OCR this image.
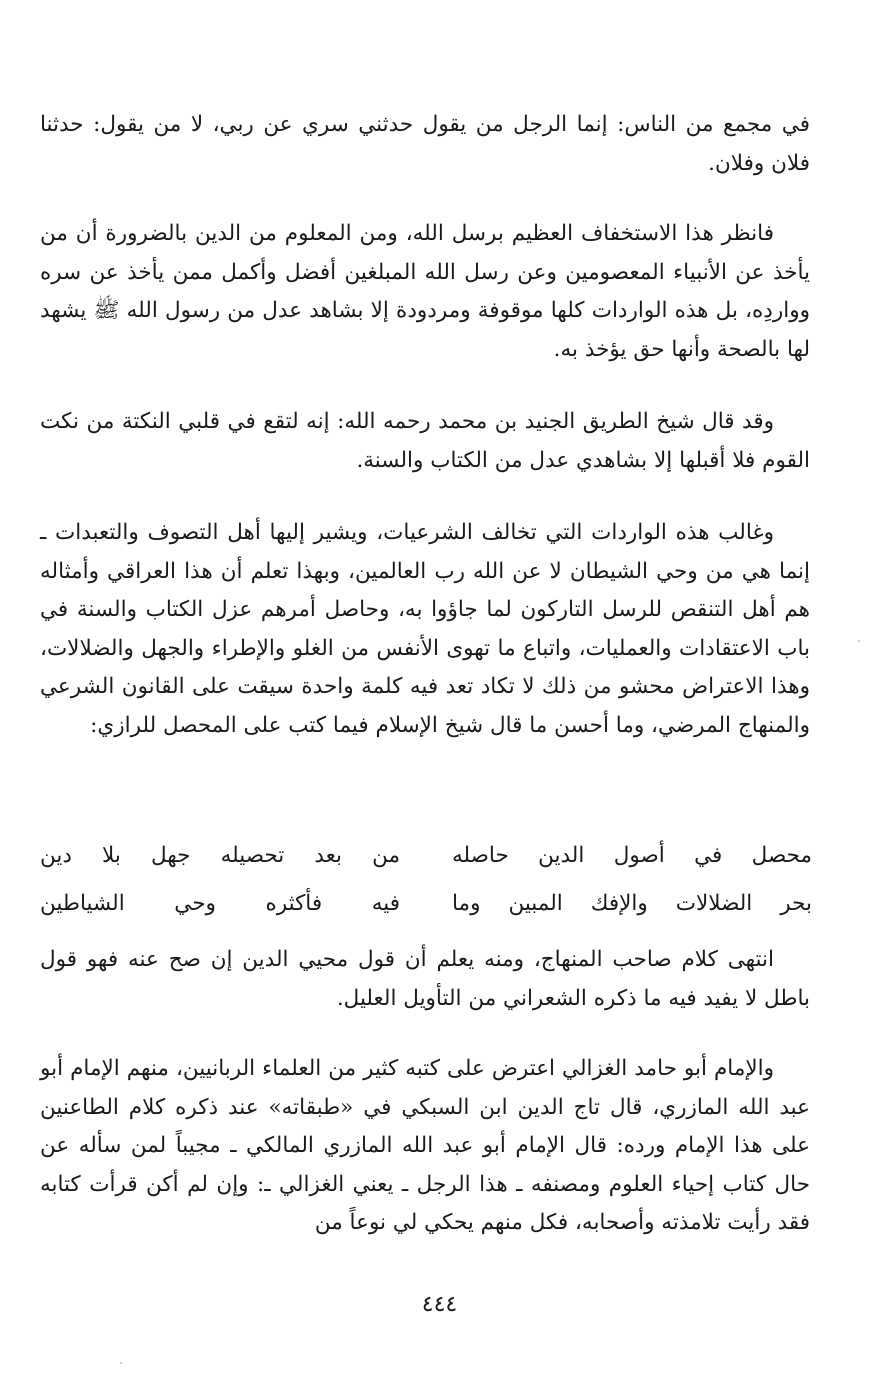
في مجمع من الناس: إنما الرجل من يقول حدثني سري عن ربي، لا من يقول: حدثنا فلان وفلان.

فانظر هذا الاستخفاف العظيم برسل الله، ومن المعلوم من الدين بالضرورة أن من يأخذ عن الأنبياء المعصومين وعن رسل الله المبلغين أفضل وأكمل ممن يأخذ عن سره وواردِه، بل هذه الواردات كلها موقوفة ومردودة إلا بشاهد عدل من رسول الله ﷺ يشهد لها بالصحة وأنها حق يؤخذ به.

وقد قال شيخ الطريق الجنيد بن محمد رحمه الله: إنه لتقع في قلبي النكتة من نكت القوم فلا أقبلها إلا بشاهدي عدل من الكتاب والسنة.

وغالب هذه الواردات التي تخالف الشرعيات، ويشير إليها أهل التصوف والتعبدات ـ إنما هي من وحي الشيطان لا عن الله رب العالمين، وبهذا تعلم أن هذا العراقي وأمثاله هم أهل التنقص للرسل التاركون لما جاؤوا به، وحاصل أمرهم عزل الكتاب والسنة في باب الاعتقادات والعمليات، واتباع ما تهوى الأنفس من الغلو والإطراء والجهل والضلالات، وهذا الاعتراض محشو من ذلك لا تكاد تعد فيه كلمة واحدة سيقت على القانون الشرعي والمنهاج المرضي، وما أحسن ما قال شيخ الإسلام فيما كتب على المحصل للرازي:

محصل في أصول الدين حاصله
من بعد تحصيله جهل بلا دين
بحر الضلالات والإفك المبين وما
فيه فأكثره وحي الشياطين

انتهى كلام صاحب المنهاج، ومنه يعلم أن قول محيي الدين إن صح عنه فهو قول باطل لا يفيد فيه ما ذكره الشعراني من التأويل العليل.

والإمام أبو حامد الغزالي اعترض على كتبه كثير من العلماء الربانيين، منهم الإمام أبو عبد الله المازري، قال تاج الدين ابن السبكي في «طبقاته» عند ذكره كلام الطاعنين على هذا الإمام ورده: قال الإمام أبو عبد الله المازري المالكي ـ مجيباً لمن سأله عن حال كتاب إحياء العلوم ومصنفه ـ هذا الرجل ـ يعني الغزالي ـ: وإن لم أكن قرأت كتابه فقد رأيت تلامذته وأصحابه، فكل منهم يحكي لي نوعاً من

٤٤٤
